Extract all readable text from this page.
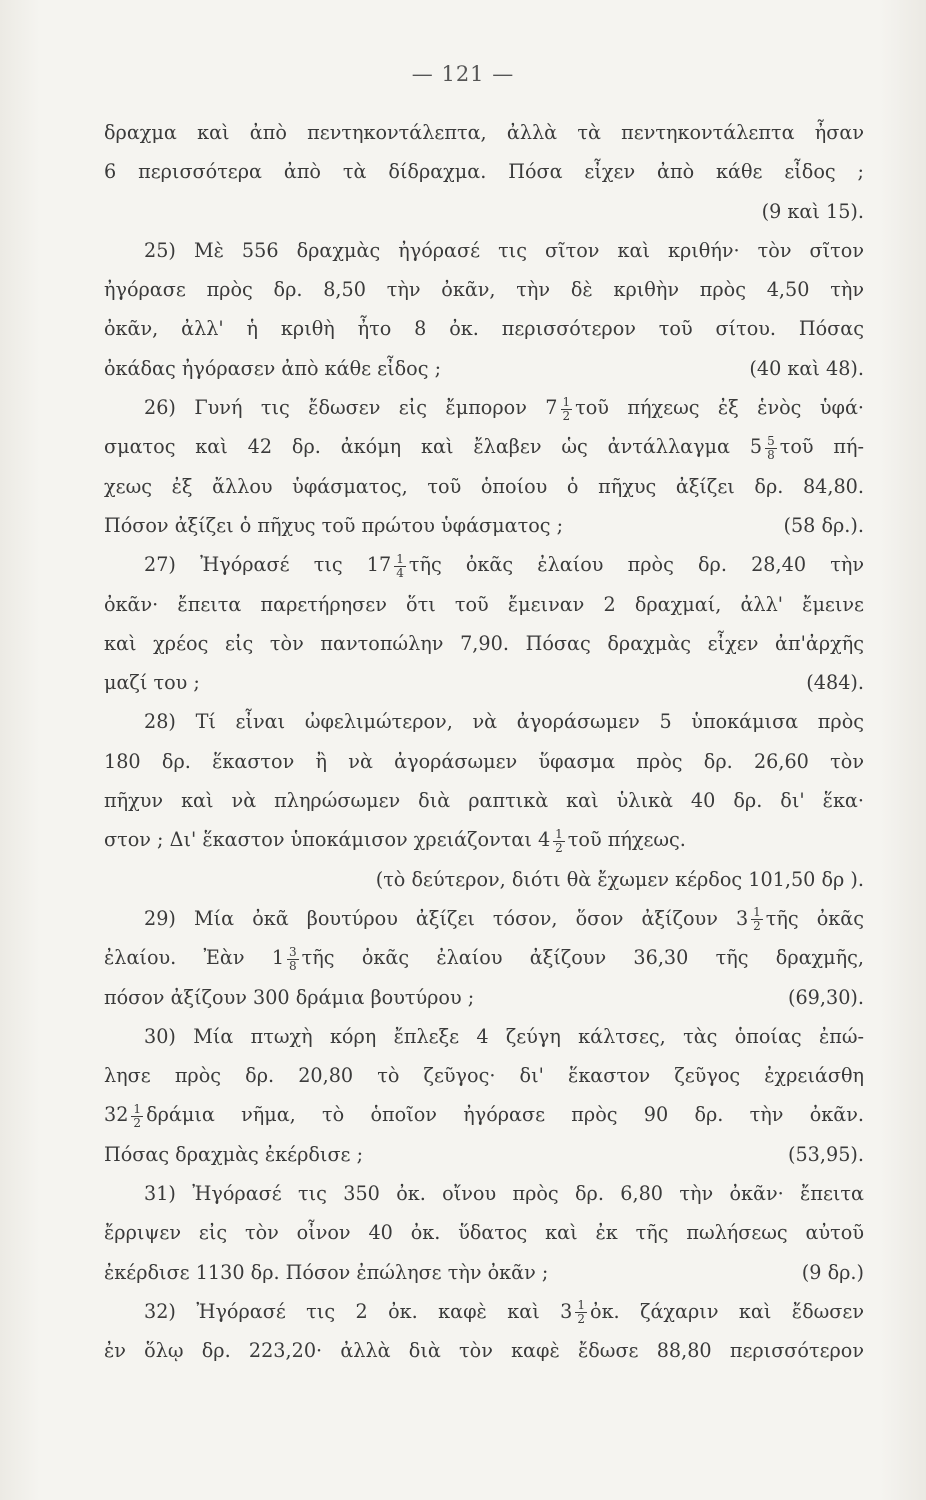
— 121 —
δραχμα καὶ ἀπὸ πεντηκοντάλεπτα, ἀλλὰ τὰ πεντηκοντάλεπτα ἦσαν
6 περισσότερα ἀπὸ τὰ δίδραχμα. Πόσα εἶχεν ἀπὸ κάθε εἶδος ;
(9 καὶ 15).
25) Μὲ 556 δραχμὰς ἠγόρασέ τις σῖτον καὶ κριθήν· τὸν σῖτον
ἠγόρασε πρὸς δρ. 8,50 τὴν ὀκᾶν, τὴν δὲ κριθὴν πρὸς 4,50 τὴν
ὀκᾶν, ἀλλ' ἡ κριθὴ ἦτο 8 ὀκ. περισσότερον τοῦ σίτου. Πόσας
ὀκάδας ἠγόρασεν ἀπὸ κάθε εἶδος ;	(40 καὶ 48).
26) Γυνή τις ἔδωσεν εἰς ἔμπορον $7 \frac{1}{2}$ τοῦ πήχεως ἐξ ἑνὸς ὑφά·
σματος καὶ 42 δρ. ἀκόμη καὶ ἔλαβεν ὡς ἀντάλλαγμα $5 \frac{5}{8}$ τοῦ πή-
χεως ἐξ ἄλλου ὑφάσματος, τοῦ ὁποίου ὁ πῆχυς ἀξίζει δρ. 84,80.
Πόσον ἀξίζει ὁ πῆχυς τοῦ πρώτου ὑφάσματος ;	(58 δρ.).
27) Ἠγόρασέ τις $17 \frac{1}{4}$ τῆς ὀκᾶς ἐλαίου πρὸς δρ. 28,40 τὴν
ὀκᾶν· ἔπειτα παρετήρησεν ὅτι τοῦ ἔμειναν 2 δραχμαί, ἀλλ' ἔμεινε
καὶ χρέος εἰς τὸν παντοπώλην 7,90. Πόσας δραχμὰς εἶχεν ἀπ'ἀρχῆς
μαζί του ;	(484).
28) Τί εἶναι ὠφελιμώτερον, νὰ ἀγοράσωμεν 5 ὑποκάμισα πρὸς
180 δρ. ἕκαστον ἢ νὰ ἀγοράσωμεν ὕφασμα πρὸς δρ. 26,60 τὸν
πῆχυν καὶ νὰ πληρώσωμεν διὰ ραπτικὰ καὶ ὑλικὰ 40 δρ. δι' ἕκα·
στον ; Δι' ἕκαστον ὑποκάμισον χρειάζονται $4 \frac{1}{2}$ τοῦ πήχεως.
(τὸ δεύτερον, διότι θὰ ἔχωμεν κέρδος 101,50 δρ ).
29) Μία ὀκᾶ βουτύρου ἀξίζει τόσον, ὅσον ἀξίζουν $3 \frac{1}{2}$ τῆς ὀκᾶς
ἐλαίου. Ἐὰν $1 \frac{3}{8}$ τῆς ὀκᾶς ἐλαίου ἀξίζουν 36,30 τῆς δραχμῆς,
πόσον ἀξίζουν 300 δράμια βουτύρου ;	(69,30).
30) Μία πτωχὴ κόρη ἔπλεξε 4 ζεύγη κάλτσες, τὰς ὁποίας ἐπώ-
λησε πρὸς δρ. 20,80 τὸ ζεῦγος· δι' ἕκαστον ζεῦγος ἐχρειάσθη
$32 \frac{1}{2}$ δράμια νῆμα, τὸ ὁποῖον ἠγόρασε πρὸς 90 δρ. τὴν ὀκᾶν.
Πόσας δραχμὰς ἐκέρδισε ;	(53,95).
31) Ἠγόρασέ τις 350 ὀκ. οἴνου πρὸς δρ. 6,80 τὴν ὀκᾶν· ἔπειτα
ἔρριψεν εἰς τὸν οἶνον 40 ὀκ. ὕδατος καὶ ἐκ τῆς πωλήσεως αὐτοῦ
ἐκέρδισε 1130 δρ. Πόσον ἐπώλησε τὴν ὀκᾶν ;	(9 δρ.)
32) Ἠγόρασέ τις 2 ὀκ. καφὲ καὶ $3 \frac{1}{2}$ ὀκ. ζάχαριν καὶ ἔδωσεν
ἐν ὅλῳ δρ. 223,20· ἀλλὰ διὰ τὸν καφὲ ἔδωσε 88,80 περισσότερον
